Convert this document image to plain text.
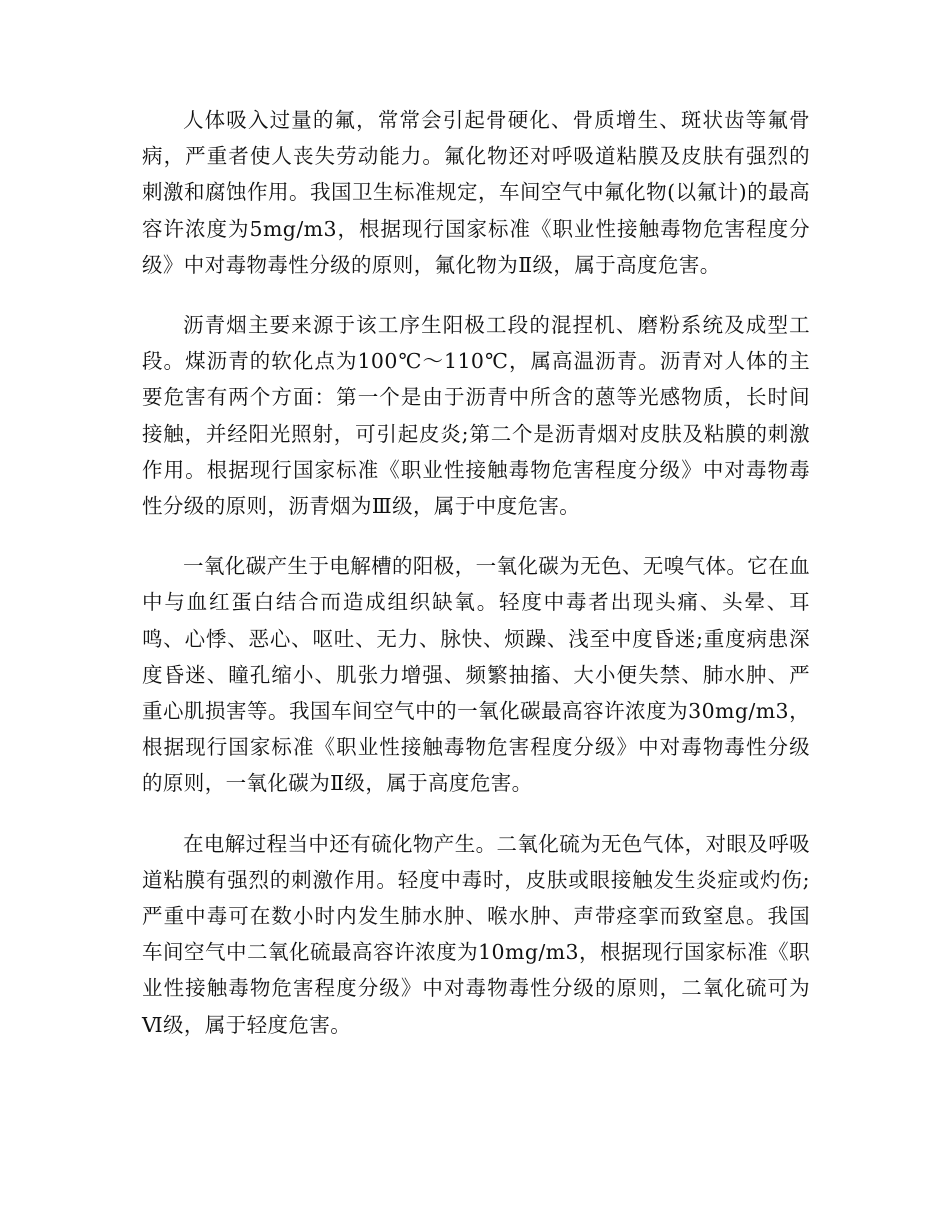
人体吸入过量的氟，常常会引起骨硬化、骨质增生、斑状齿等氟骨病，严重者使人丧失劳动能力。氟化物还对呼吸道粘膜及皮肤有强烈的刺激和腐蚀作用。我国卫生标准规定，车间空气中氟化物(以氟计)的最高容许浓度为5mg/m3，根据现行国家标准《职业性接触毒物危害程度分级》中对毒物毒性分级的原则，氟化物为Ⅱ级，属于高度危害。

沥青烟主要来源于该工序生阳极工段的混捏机、磨粉系统及成型工段。煤沥青的软化点为100℃～110℃，属高温沥青。沥青对人体的主要危害有两个方面：第一个是由于沥青中所含的蒽等光感物质，长时间接触，并经阳光照射，可引起皮炎;第二个是沥青烟对皮肤及粘膜的刺激作用。根据现行国家标准《职业性接触毒物危害程度分级》中对毒物毒性分级的原则，沥青烟为Ⅲ级，属于中度危害。

一氧化碳产生于电解槽的阳极，一氧化碳为无色、无嗅气体。它在血中与血红蛋白结合而造成组织缺氧。轻度中毒者出现头痛、头晕、耳鸣、心悸、恶心、呕吐、无力、脉快、烦躁、浅至中度昏迷;重度病患深度昏迷、瞳孔缩小、肌张力增强、频繁抽搐、大小便失禁、肺水肿、严重心肌损害等。我国车间空气中的一氧化碳最高容许浓度为30mg/m3，根据现行国家标准《职业性接触毒物危害程度分级》中对毒物毒性分级的原则，一氧化碳为Ⅱ级，属于高度危害。

在电解过程当中还有硫化物产生。二氧化硫为无色气体，对眼及呼吸道粘膜有强烈的刺激作用。轻度中毒时，皮肤或眼接触发生炎症或灼伤;严重中毒可在数小时内发生肺水肿、喉水肿、声带痉挛而致窒息。我国车间空气中二氧化硫最高容许浓度为10mg/m3，根据现行国家标准《职业性接触毒物危害程度分级》中对毒物毒性分级的原则，二氧化硫可为Ⅵ级，属于轻度危害。
